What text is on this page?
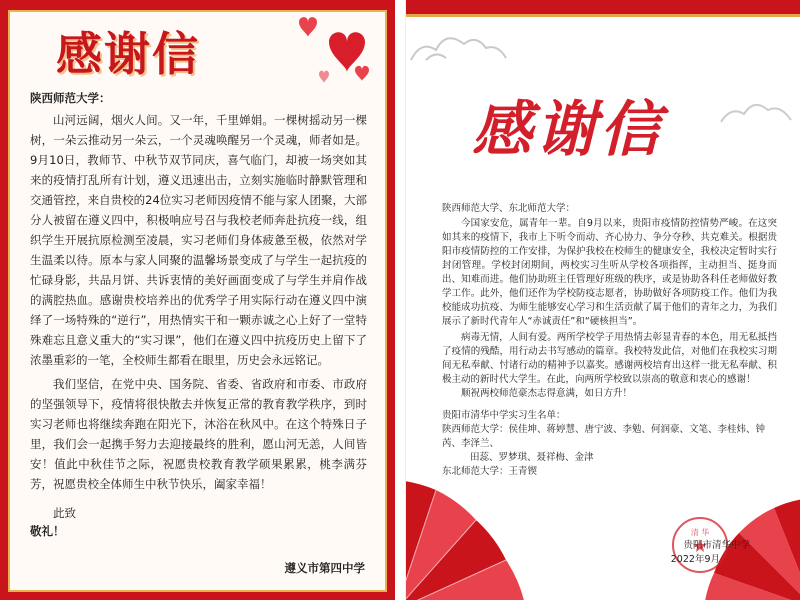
感谢信
陕西师范大学：

山河远阔，烟火人间。又一年，千里婵娟。一棵树摇动另一棵树，一朵云推动另一朵云，一个灵魂唤醒另一个灵魂，师者如是。9月10日，教师节、中秋节双节同庆，喜气临门，却被一场突如其来的疫情打乱所有计划，遵义迅速出击，立刻实施临时静默管理和交通管控，来自贵校的24位实习老师因疫情不能与家人团聚，大部分人被留在遵义四中，积极响应号召与我校老师奔赴抗疫一线，组织学生开展抗原检测至凌晨，实习老师们身体疲惫至极，依然对学生温柔以待。原本与家人同聚的温馨场景变成了与学生一起抗疫的忙碌身影，共品月饼、共诉衷情的美好画面变成了与学生并肩作战的满腔热血。感谢贵校培养出的优秀学子用实际行动在遵义四中演绎了一场特殊的“逆行”，用热情实干和一颗赤诚之心上好了一堂特殊难忘且意义重大的“实习课”，他们在遵义四中抗疫历史上留下了浓墨重彩的一笔，全校师生都看在眼里，历史会永远铭记。

我们坚信，在党中央、国务院、省委、省政府和市委、市政府的坚强领导下，疫情将很快散去并恢复正常的教育教学秩序，到时实习老师也将继续奔跑在阳光下，沐浴在秋风中。在这个特殊日子里，我们会一起携手努力去迎接最终的胜利，愿山河无恙，人间皆安！值此中秋佳节之际，祝愿贵校教育教学硕果累累，桃李满芬芳，祝愿贵校全体师生中秋节快乐，阖家幸福！

此致
敬礼！
遵义市第四中学
感谢信
陕西师范大学、东北师范大学：

今国家安危，属青年一辈。自9月以来，贵阳市疫情防控情势严峻。在这突如其来的疫情下，我市上下听令而动、齐心协力、争分夺秒、共克难关。根据贵阳市疫情防控的工作安排，为保护我校在校师生的健康安全，我校决定暂时实行封闭管理。学校封闭期间，两校实习生听从学校各项指挥，主动担当、挺身而出、知难而进。他们协助班主任管理好班级的秩序，或是协助各科任老师做好教学工作。此外，他们还作为学校防疫志愿者，协助做好各项防疫工作。他们为我校能成功抗疫、为师生能够安心学习和生活贡献了属于他们的青年之力，为我们展示了新时代青年人“赤诚责任”和“硬核担当”。

病毒无情，人间有爱。两所学校学子用热情去彰显青春的本色，用无私抵挡了疫情的残酷，用行动去书写感动的篇章。我校特发此信，对他们在我校实习期间无私奉献、忖诸行动的精神予以嘉奖。感谢两校培育出这样一批无私奉献、积极主动的新时代大学生。在此，向两所学校致以崇高的敬意和衷心的感谢！

顺祝两校师范豪杰志得意满，如日方升！
贵阳市清华中学实习生名单：
陕西师范大学：侯佳坤、蒋婷慧、唐宁波、李勉、何润豪、文笔、李桂炜、钟芮、李泽兰、
田蕊、罗梦琪、聂祥梅、金津
东北师范大学：王青锲
清 华
贵阳市清华中学
2022年9月
